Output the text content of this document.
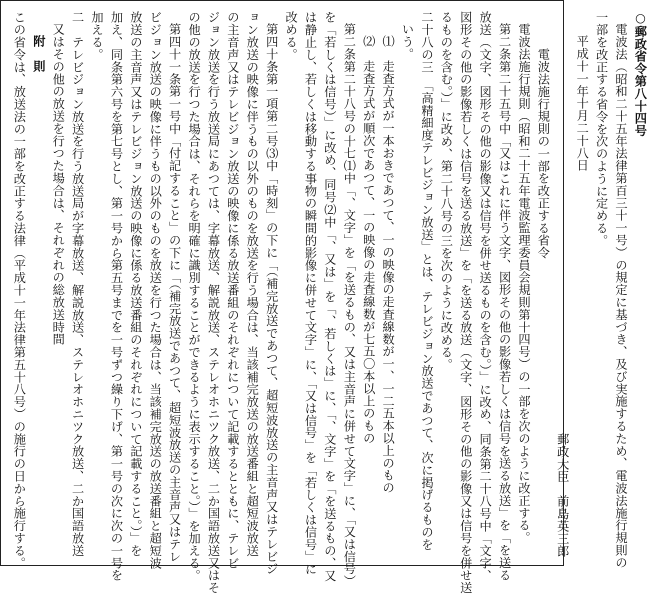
○郵政省令第八十四号
電波法（昭和二十五年法律第百三十一号）の規定に基づき、及び実施するため、電波法施行規則の
一部を改正する省令を次のように定める。
平成十一年十月二十八日
郵政大臣　前島英三郎
電波法施行規則の一部を改正する省令
電波法施行規則（昭和二十五年電波監理委員会規則第十四号）の一部を次のように改正する。
第二条第二十五号中「又はこれに伴う文字、図形その他の影像若しくは信号を送る放送」を「を送る
放送（文字、図形その他の影像又は信号を併せ送るものを含む。）」に改め、同条第二十八号中「文字、
図形その他の影像若しくは信号を送る放送」を「を送る放送（文字、図形その他の影像又は信号を併せ送
るものを含む。）」に改め、第二十八号の三を次のように改める。
二十八の三　「高精細度テレビジョン放送」とは、テレビジョン放送であつて、次に掲げるものを
いう。
⑴　走査方式が一本おきであつて、一の映像の走査線数が一、一二五本以上のもの
⑵　走査方式が順次であつて、一の映像の走査線数が七五〇本以上のもの
第二条第二十八号の十七⑴中「、文字」を「を送るもの、又は主音声に併せて文字」に、「又は信号）
を「若しくは信号）」に改め、同号⑵中「、又は」を「、若しくは」に、「、文字」を「を送るもの、又
は静止し、若しくは移動する事物の瞬間的影像に併せて文字」に、「又は信号」を「若しくは信号」に
改める。
第四十条第一項第二号⑶中「時刻」の下に「（補完放送であつて、超短波放送の主音声又はテレビジ
ョン放送の映像に伴うもの以外のものを放送を行う場合は、当該補完放送の放送番組と超短波放送
の主音声又はテレビジョン放送の映像に係る放送番組のそれぞれについて記載するとともに、テレビ
ジョン放送を行う放送局にあつては、字幕放送、解説放送、ステレオホニツク放送、二か国語放送又はそ
の他の放送を行つた場合は、それらを明確に識別することができるように表示すること。）」を加える。
第四十一条第一号中「付記すること」の下に「（補完放送であつて、超短波放送の主音声又はテレ
ビジョン放送の映像に伴うもの以外のものを放送を行つた場合は、当該補完放送の放送番組と超短波
放送の主音声又はテレビジョン放送の映像に係る放送番組のそれぞれについて記載すること。）」を
加え、同条第六号を第七号とし、第一号から第五号までを一号ずつ繰り下げ、第一号の次に次の一号を
加える。
二　テレビジョン放送を行う放送局が字幕放送、解説放送、ステレオホニツク放送、二か国語放送
又はその他の放送を行つた場合は、それぞれの総放送時間
附　則
この省令は、放送法の一部を改正する法律（平成十一年法律第五十八号）の施行の日から施行する。
